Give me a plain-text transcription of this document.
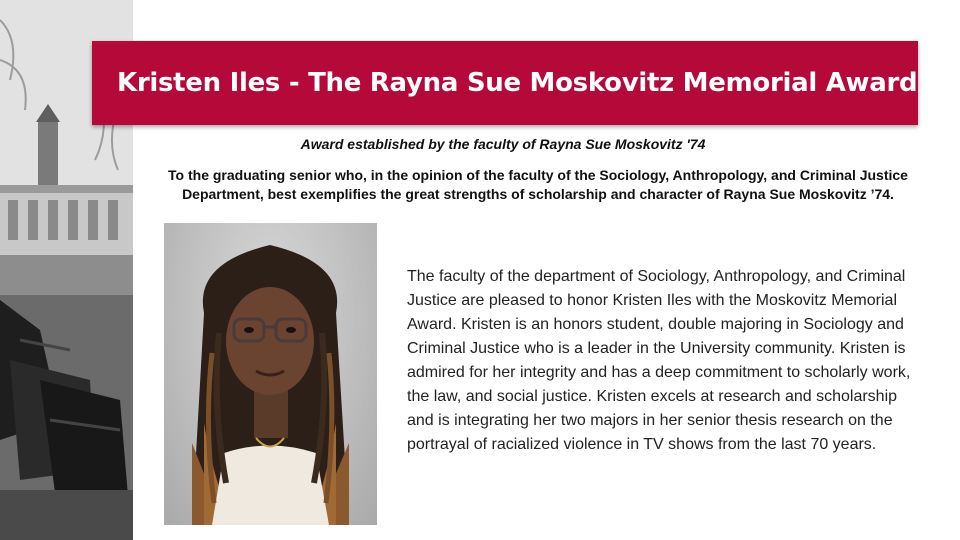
Kristen Iles - The Rayna Sue Moskovitz Memorial Award
Award established by the faculty of Rayna Sue Moskovitz '74
To the graduating senior who, in the opinion of the faculty of the Sociology, Anthropology, and Criminal Justice Department, best exemplifies the great strengths of scholarship and character of Rayna Sue Moskovitz ’74.
The faculty of the department of Sociology, Anthropology, and Criminal Justice are pleased to honor Kristen Iles with the Moskovitz Memorial Award. Kristen is an honors student, double majoring in Sociology and Criminal Justice who is a leader in the University community. Kristen is admired for her integrity and has a deep commitment to scholarly work, the law, and social justice. Kristen excels at research and scholarship and is integrating her two majors in her senior thesis research on the portrayal of racialized violence in TV shows from the last 70 years.
